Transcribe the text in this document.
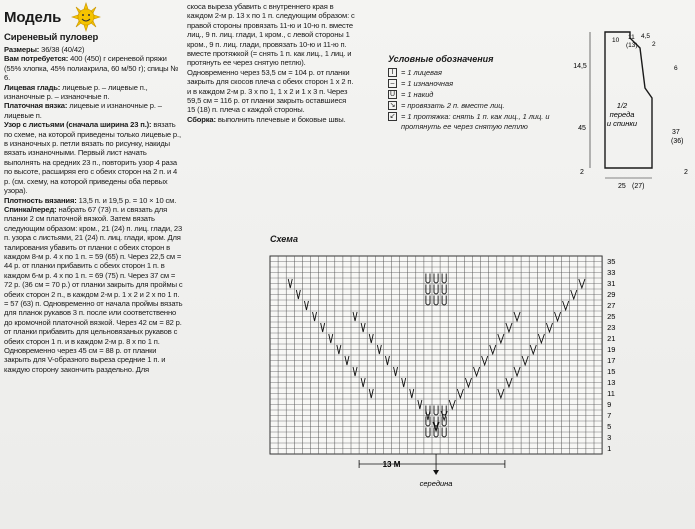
Модель
Сиреневый пуловер

Размеры: 36/38 (40/42)

Вам потребуется: 400 (450) г сиреневой пряжи (55% хлопка, 45% полиакрила, 60 м/50 г); спицы № 6.

Лицевая гладь: лицевые р. – лицевые п., изнаночные р. – изнаночные п.

Платочная вязка: лицевые и изнаночные р. – лицевые п.

Узор с листьями (сначала ширина 23 п.): вязать по схеме, на которой приведены только лицевые р., в изнаночных р. петли вязать по рисунку, накиды вязать изнаночными. Первый лист начать выполнять на средних 23 п., повторить узор 4 раза по высоте, расширяя его с обеих сторон на 2 п. и 4 р. (см. схему, на которой приведены оба первых узора).

Плотность вязания: 13,5 п. и 19,5 р. = 10 × 10 см.

Спинка/перед: набрать 67 (73) п. и связать для планки 2 см платочной вязкой. Затем вязать следующим образом: кром., 21 (24) п. лиц. глади, 23 п. узора с листьями, 21 (24) п. лиц. глади, кром. Для талирования убавить от планки с обеих сторон в каждом 8-м р. 4 х по 1 п. = 59 (65) п. Через 22,5 см = 44 р. от планки прибавить с обеих сторон 1 п. в каждом 6-м р. 4 х по 1 п. = 69 (75) п. Через 37 см = 72 р. (36 см = 70 р.) от планки закрыть для проймы с обеих сторон 2 п., в каждом 2-м р. 1 х 2 и 2 х по 1 п. = 57 (63) п. Одновременно от начала проймы вязать для планок рукавов 3 п. после или соответственно до кромочной платочной вязкой. Через 42 см = 82 р. от планки прибавить для цельновязаных рукавов с обеих сторон 1 п. и в каждом 2-м р. 8 х по 1 п. Одновременно через 45 см = 88 р. от планки закрыть для V-образного выреза средние 1 п. и каждую сторону закончить раздельно. Для

скоса выреза убавить с внутреннего края в каждом 2-м р. 13 х по 1 п. следующим образом: с правой стороны провязать 11-ю и 10-ю п. вместе лиц., 9 п. лиц. глади, 1 кром., с левой стороны 1 кром., 9 п. лиц. глади, провязать 10-ю и 11-ю п. вместе протяжкой (= снять 1 п. как лиц., 1 лиц. и протянуть ее через снятую петлю). Одновременно через 53,5 см = 104 р. от планки закрыть для скосов плеча с обеих сторон 1 х 2 п. и в каждом 2-м р. 3 х по 1, 1 х 2 и 1 х 3 п. Через 59,5 см = 116 р. от планки закрыть оставшиеся 15 (18) п. плеча с каждой стороны.

Сборка: выполнить плечевые и боковые швы.

Условные обозначения
I	= 1 лицевая
– = 1 изнаночная
U = 1 накид
↘ = провязать 2 п. вместе лиц.
↙ = 1 протяжка: снять 1 п. как лиц., 1 лиц. и протянуть ее через снятую петлю
1/2
переда
и спинки
14,5
45
2
10 11
(13)
4,5
2
6
37
(36)
2
25 (27)
Схема
35
33
31
29
27
25
23
21
19
17
15
13
11
9
7
5
3
1
13 М
середина
